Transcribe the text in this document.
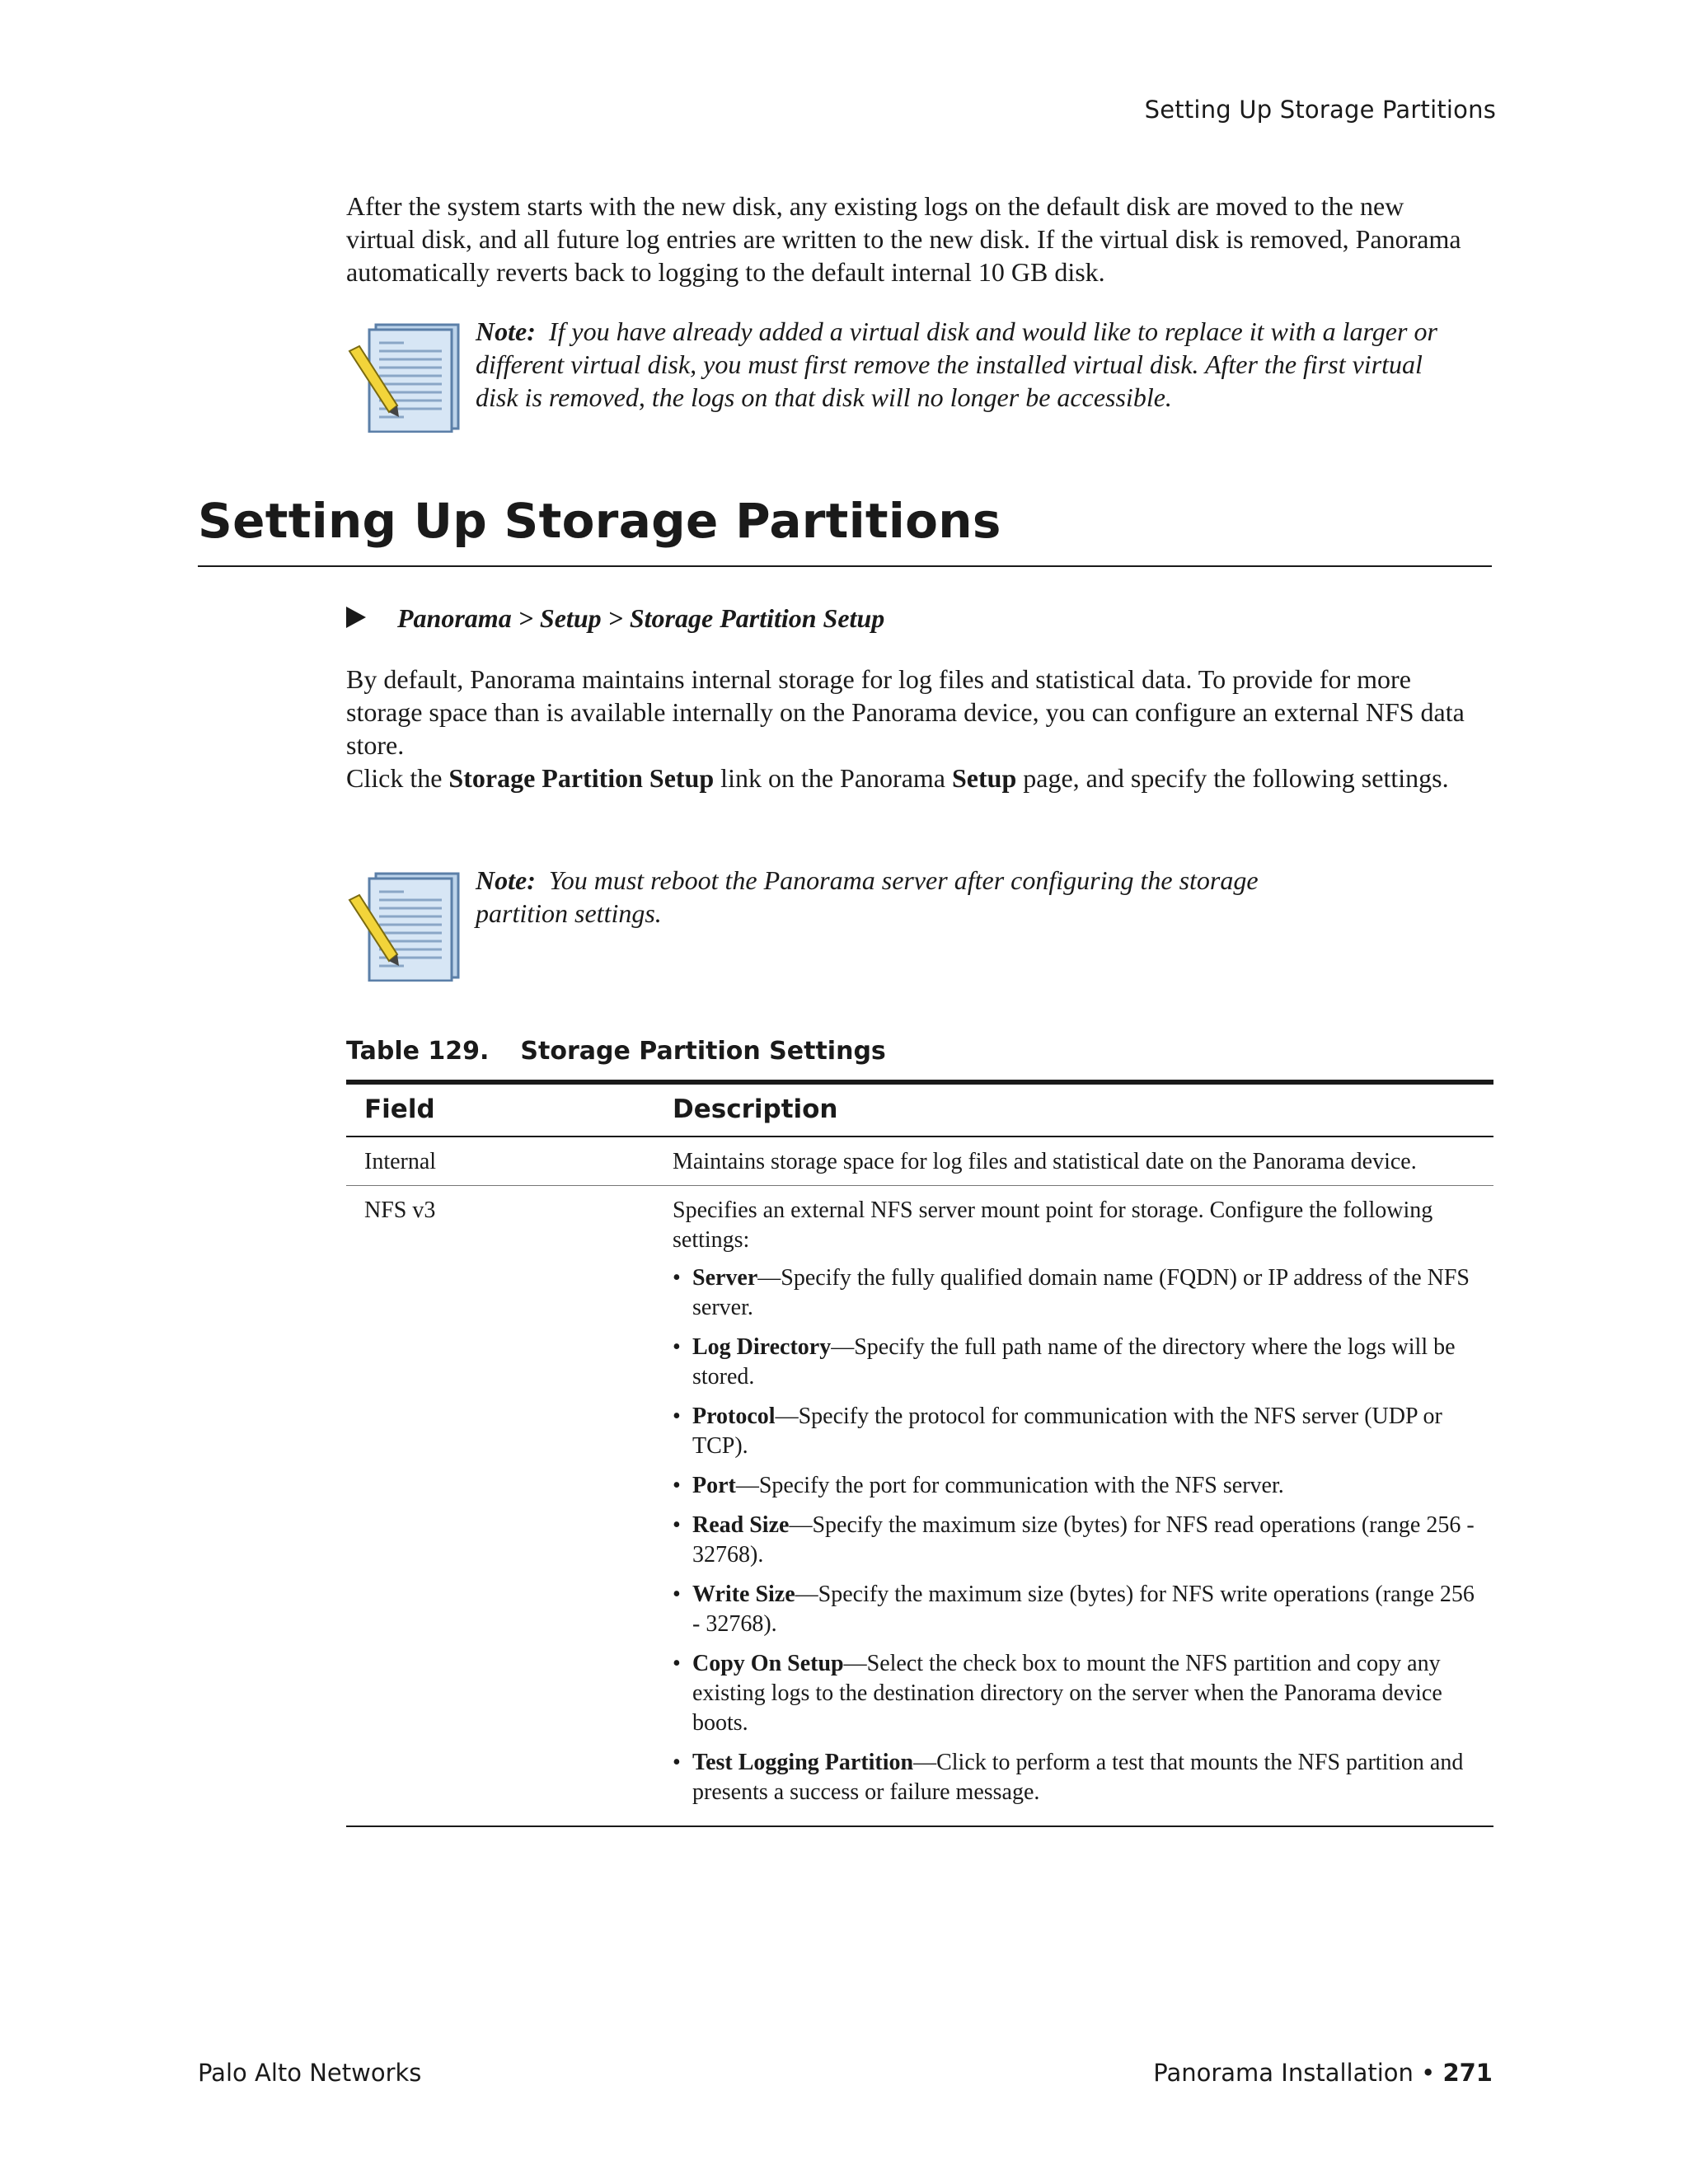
Setting Up Storage Partitions

After the system starts with the new disk, any existing logs on the default disk are moved to the new virtual disk, and all future log entries are written to the new disk. If the virtual disk is removed, Panorama automatically reverts back to logging to the default internal 10 GB disk.

Note: If you have already added a virtual disk and would like to replace it with a larger or different virtual disk, you must first remove the installed virtual disk. After the first virtual disk is removed, the logs on that disk will no longer be accessible.

Setting Up Storage Partitions
Panorama > Setup > Storage Partition Setup

By default, Panorama maintains internal storage for log files and statistical data. To provide for more storage space than is available internally on the Panorama device, you can configure an external NFS data store.

Click the Storage Partition Setup link on the Panorama Setup page, and specify the following settings.

Note: You must reboot the Panorama server after configuring the storage partition settings.

Table 129. Storage Partition Settings
Field	Description
Internal	Maintains storage space for log files and statistical date on the Panorama device.

NFS v3	Specifies an external NFS server mount point for storage. Configure the following settings:

• Server—Specify the fully qualified domain name (FQDN) or IP address of the NFS server.
• Log Directory—Specify the full path name of the directory where the logs will be stored.
• Protocol—Specify the protocol for communication with the NFS server (UDP or TCP).
• Port—Specify the port for communication with the NFS server.
• Read Size—Specify the maximum size (bytes) for NFS read operations (range 256 - 32768).
• Write Size—Specify the maximum size (bytes) for NFS write operations (range 256 - 32768).
• Copy On Setup—Select the check box to mount the NFS partition and copy any existing logs to the destination directory on the server when the Panorama device boots.
• Test Logging Partition—Click to perform a test that mounts the NFS partition and presents a success or failure message.
Palo Alto Networks	Panorama Installation • 271
